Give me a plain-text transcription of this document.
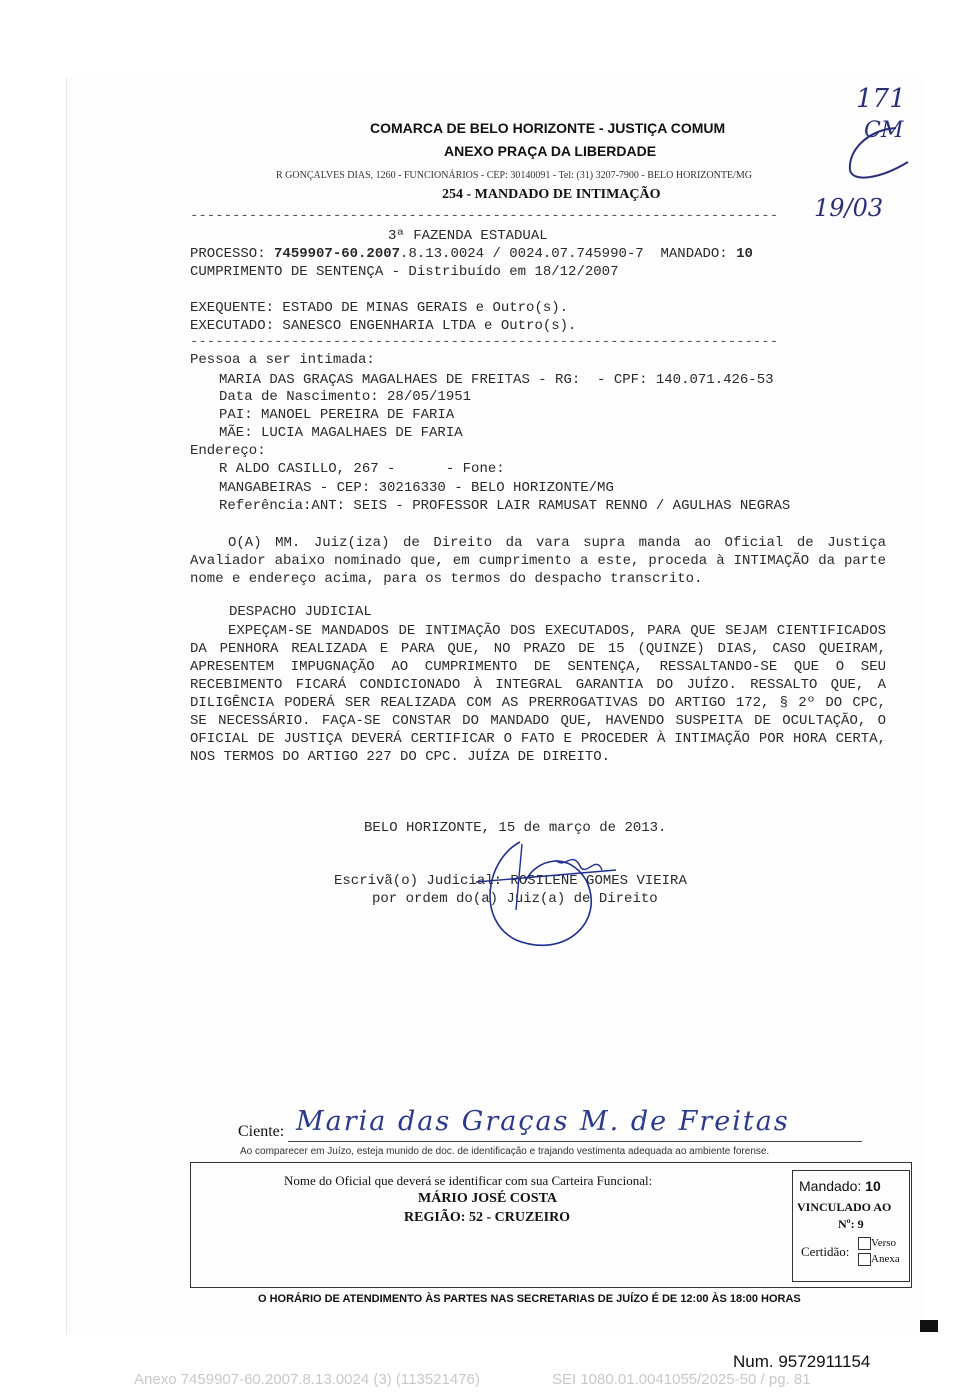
COMARCA DE BELO HORIZONTE - JUSTIÇA COMUM
ANEXO PRAÇA DA LIBERDADE
R GONÇALVES DIAS, 1260 - FUNCIONÁRIOS - CEP: 30140091 - Tel: (31) 3207-7900 - BELO HORIZONTE/MG
254 - MANDADO DE INTIMAÇÃO
171
CM
19/03
----------------------------------------------------------------------
3ª FAZENDA ESTADUAL
PROCESSO: 7459907-60.2007.8.13.0024 / 0024.07.745990-7  MANDADO: 10
CUMPRIMENTO DE SENTENÇA - Distribuído em 18/12/2007
EXEQUENTE: ESTADO DE MINAS GERAIS e Outro(s).
EXECUTADO: SANESCO ENGENHARIA LTDA e Outro(s).
----------------------------------------------------------------------
Pessoa a ser intimada:
MARIA DAS GRAÇAS MAGALHAES DE FREITAS - RG:  - CPF: 140.071.426-53
Data de Nascimento: 28/05/1951
PAI: MANOEL PEREIRA DE FARIA
MÃE: LUCIA MAGALHAES DE FARIA
Endereço:
R ALDO CASILLO, 267 -      - Fone:
MANGABEIRAS - CEP: 30216330 - BELO HORIZONTE/MG
Referência:ANT: SEIS - PROFESSOR LAIR RAMUSAT RENNO / AGULHAS NEGRAS
O(A) MM. Juiz(iza) de Direito da vara supra manda ao Oficial de Justiça Avaliador abaixo nominado que, em cumprimento a este, proceda à INTIMAÇÃO da parte nome e endereço acima, para os termos do despacho transcrito.
DESPACHO JUDICIAL
EXPEÇAM-SE MANDADOS DE INTIMAÇÃO DOS EXECUTADOS, PARA QUE SEJAM CIENTIFICADOS DA PENHORA REALIZADA E PARA QUE, NO PRAZO DE 15 (QUINZE) DIAS, CASO QUEIRAM, APRESENTEM IMPUGNAÇÃO AO CUMPRIMENTO DE SENTENÇA, RESSALTANDO-SE QUE O SEU RECEBIMENTO FICARÁ CONDICIONADO À INTEGRAL GARANTIA DO JUÍZO. RESSALTO QUE, A DILIGÊNCIA PODERÁ SER REALIZADA COM AS PRERROGATIVAS DO ARTIGO 172, § 2º DO CPC, SE NECESSÁRIO. FAÇA-SE CONSTAR DO MANDADO QUE, HAVENDO SUSPEITA DE OCULTAÇÃO, O OFICIAL DE JUSTIÇA DEVERÁ CERTIFICAR O FATO E PROCEDER À INTIMAÇÃO POR HORA CERTA, NOS TERMOS DO ARTIGO 227 DO CPC. JUÍZA DE DIREITO.
BELO HORIZONTE, 15 de março de 2013.
Escrivã(o) Judicial: ROSILENE GOMES VIEIRA
por ordem do(a) Juiz(a) de Direito
Ciente: Maria das Graças M. de Freitas
Ao comparecer em Juízo, esteja munido de doc. de identificação e trajando vestimenta adequada ao ambiente forense.
Nome do Oficial que deverá se identificar com sua Carteira Funcional:
MÁRIO JOSÉ COSTA
REGIÃO: 52 - CRUZEIRO
Mandado: 10
VINCULADO AO
Nº: 9
Certidão:
Verso
Anexa
O HORÁRIO DE ATENDIMENTO ÀS PARTES NAS SECRETARIAS DE JUÍZO É DE 12:00 ÀS 18:00 HORAS
Num. 9572911154
Anexo 7459907-60.2007.8.13.0024 (3) (113521476)	SEI 1080.01.0041055/2025-50 / pg. 81
